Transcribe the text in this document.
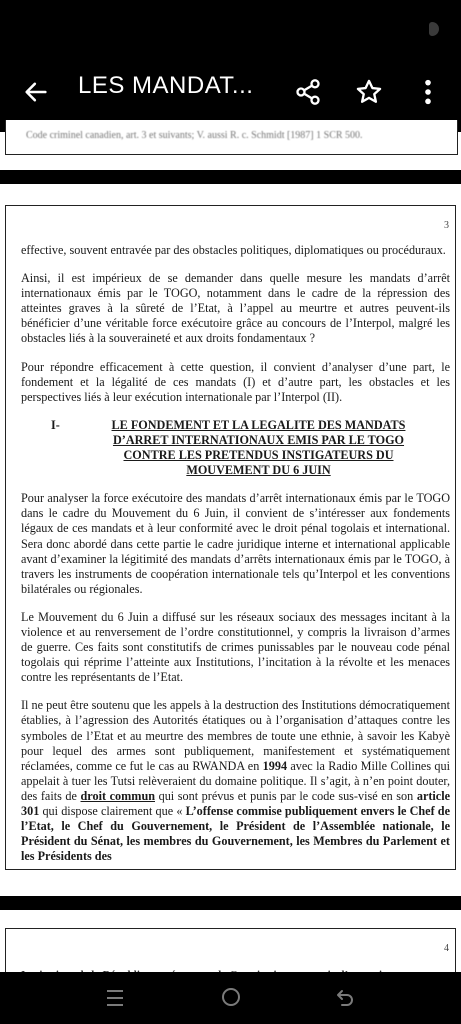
LES MANDAT...
Code criminel canadien, art. 3 et suivants; V. aussi R. c. Schmidt [1987] 1 SCR 500.
3

effective, souvent entravée par des obstacles politiques, diplomatiques ou procéduraux.

Ainsi, il est impérieux de se demander dans quelle mesure les mandats d’arrêt internationaux émis par le TOGO, notamment dans le cadre de la répression des atteintes graves à la sûreté de l’Etat, à l’appel au meurtre et autres peuvent-ils bénéficier d’une véritable force exécutoire grâce au concours de l’Interpol, malgré les obstacles liés à la souveraineté et aux droits fondamentaux ?

Pour répondre efficacement à cette question, il convient d’analyser d’une part, le fondement et la légalité de ces mandats (I) et d’autre part, les obstacles et les perspectives liés à leur exécution internationale par l’Interpol (II).

I-	LE FONDEMENT ET LA LEGALITE DES MANDATS D’ARRET INTERNATIONAUX EMIS PAR LE TOGO CONTRE LES PRETENDUS INSTIGATEURS DU MOUVEMENT DU 6 JUIN

Pour analyser la force exécutoire des mandats d’arrêt internationaux émis par le TOGO dans le cadre du Mouvement du 6 Juin, il convient de s’intéresser aux fondements légaux de ces mandats et à leur conformité avec le droit pénal togolais et international. Sera donc abordé dans cette partie le cadre juridique interne et international applicable avant d’examiner la légitimité des mandats d’arrêts internationaux émis par le TOGO, à travers les instruments de coopération internationale tels qu’Interpol et les conventions bilatérales ou régionales.

Le Mouvement du 6 Juin a diffusé sur les réseaux sociaux des messages incitant à la violence et au renversement de l’ordre constitutionnel, y compris la livraison d’armes de guerre. Ces faits sont constitutifs de crimes punissables par le nouveau code pénal togolais qui réprime l’atteinte aux Institutions, l’incitation à la révolte et les menaces contre les représentants de l’Etat.

Il ne peut être soutenu que les appels à la destruction des Institutions démocratiquement établies, à l’agression des Autorités étatiques ou à l’organisation d’attaques contre les symboles de l’Etat et au meurtre des membres de toute une ethnie, à savoir les Kabyè pour lequel des armes sont publiquement, manifestement et systématiquement réclamées, comme ce fut le cas au RWANDA en 1994 avec la Radio Mille Collines qui appelait à tuer les Tutsi relèveraient du domaine politique. Il s’agit, à n’en point douter, des faits de droit commun qui sont prévus et punis par le code sus-visé en son article 301 qui dispose clairement que « L’offense commise publiquement envers le Chef de l’Etat, le Chef du Gouvernement, le Président de l’Assemblée nationale, le Président du Sénat, les membres du Gouvernement, les Membres du Parlement et les Présidents des

4
